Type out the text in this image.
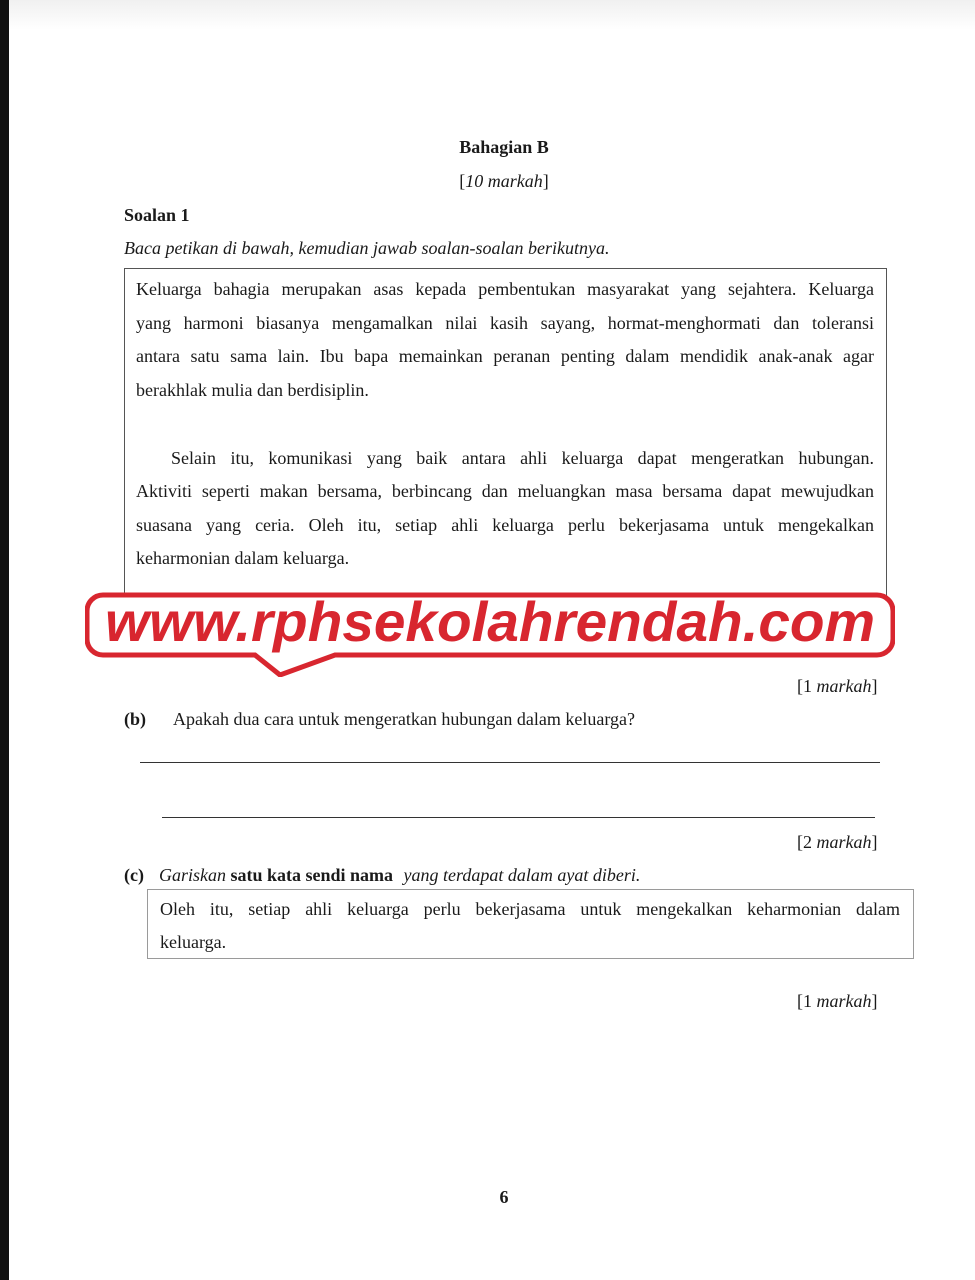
Bahagian B
[10 markah]
Soalan 1
Baca petikan di bawah, kemudian jawab soalan-soalan berikutnya.
Keluarga bahagia merupakan asas kepada pembentukan masyarakat yang sejahtera. Keluarga
yang harmoni biasanya mengamalkan nilai kasih sayang, hormat-menghormati dan toleransi
antara satu sama lain. Ibu bapa memainkan peranan penting dalam mendidik anak-anak agar
berakhlak mulia dan berdisiplin.
Selain itu, komunikasi yang baik antara ahli keluarga dapat mengeratkan hubungan.
Aktiviti seperti makan bersama, berbincang dan meluangkan masa bersama dapat mewujudkan
suasana yang ceria. Oleh itu, setiap ahli keluarga perlu bekerjasama untuk mengekalkan
keharmonian dalam keluarga.
www.rphsekolahrendah.com
[1 markah]
(b) Apakah dua cara untuk mengeratkan hubungan dalam keluarga?
[2 markah]
(c) Gariskan satu kata sendi nama yang terdapat dalam ayat diberi.
Oleh itu, setiap ahli keluarga perlu bekerjasama untuk mengekalkan keharmonian dalam
keluarga.
[1 markah]
6
